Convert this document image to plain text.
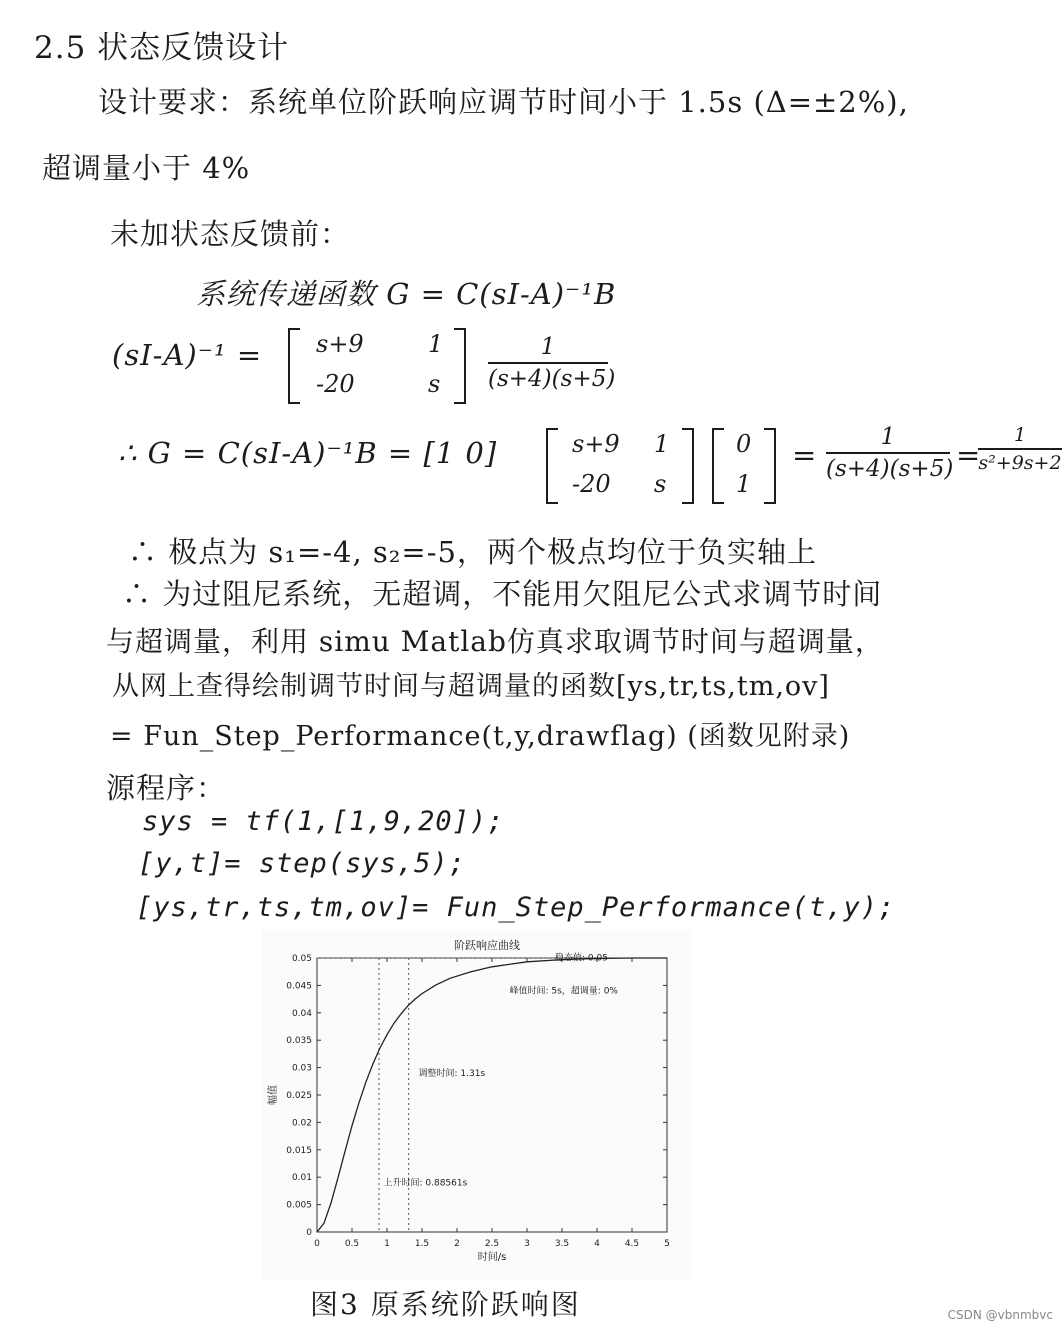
2.5 状态反馈设计
设计要求：系统单位阶跃响应调节时间小于 1.5s (Δ=±2%),
超调量小于 4%
未加状态反馈前：
系统传递函数 G = C(sI-A)⁻¹B
(sI-A)⁻¹ = s+9	1
-20	s
1
(s+4)(s+5)
∴ G = C(sI-A)⁻¹B = [1 0]	s+9 1
-20 s
0
1
=
1
(s+4)(s+5) =
1
s²+9s+2
∴ 极点为 s₁=-4, s₂=-5，两个极点均位于负实轴上
∴ 为过阻尼系统，无超调，不能用欠阻尼公式求调节时间
与超调量，利用 simu Matlab仿真求取调节时间与超调量，
从网上查得绘制调节时间与超调量的函数[ys,tr,ts,tm,ov]
= Fun_Step_Performance(t,y,drawflag) (函数见附录)
源程序：
sys = tf(1,[1,9,20]);
[y,t]= step(sys,5);
[ys,tr,ts,tm,ov]= Fun_Step_Performance(t,y);
阶跃响应曲线
0
0.005
0.01
0.015
0.02
0.025
0.03
0.035
0.04
0.045
0.05
0	0.5	1	1.5	2	2.5	3	3.5	4	4.5	5
稳态值: 0.05
峰值时间: 5s，超调量: 0%
调整时间: 1.31s
上升时间: 0.88561s
时间/s
幅值
图3 原系统阶跃响图	CSDN @vbnmbvc
